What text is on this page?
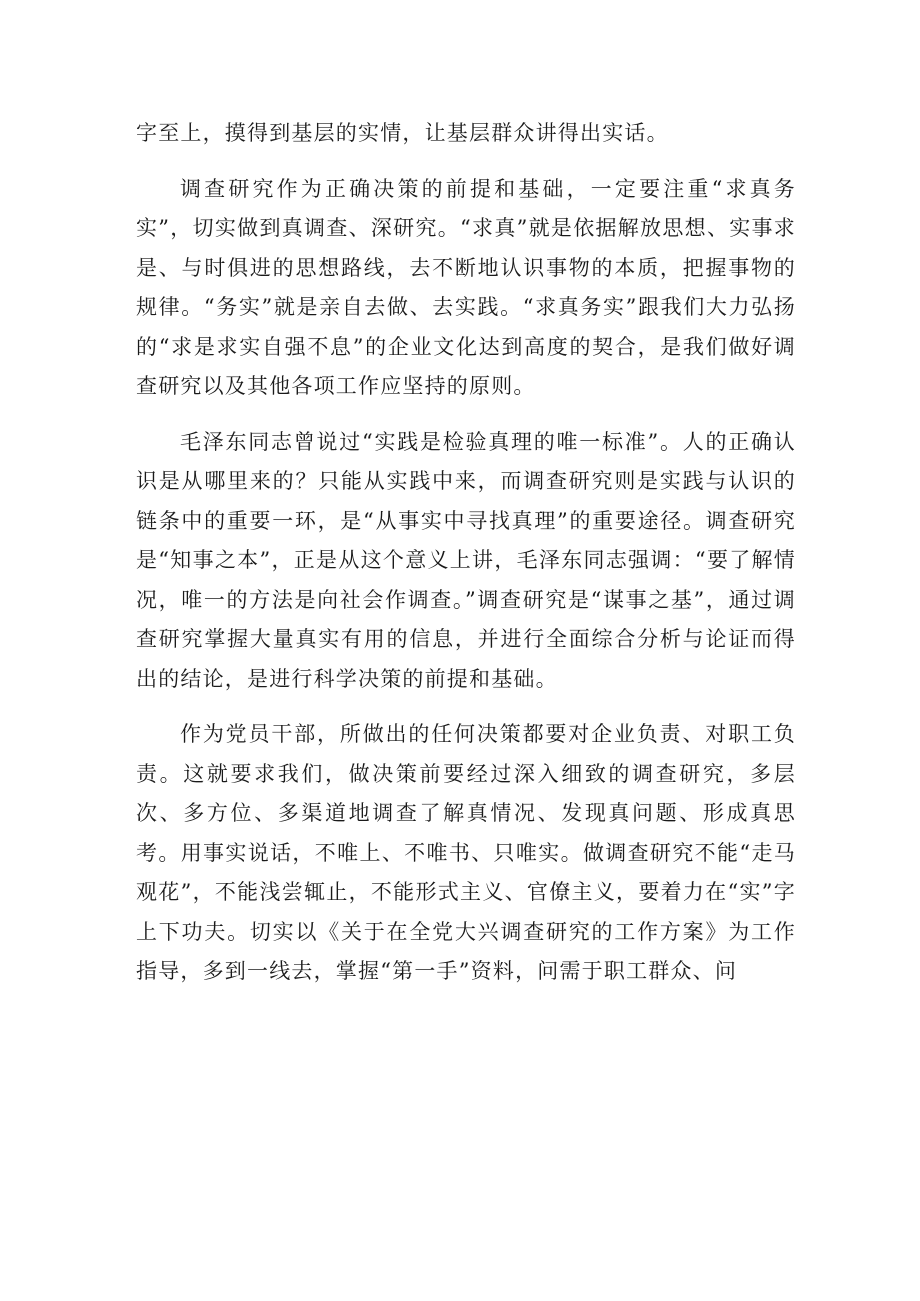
字至上，摸得到基层的实情，让基层群众讲得出实话。

调查研究作为正确决策的前提和基础，一定要注重“求真务实”，切实做到真调查、深研究。“求真”就是依据解放思想、实事求是、与时俱进的思想路线，去不断地认识事物的本质，把握事物的规律。“务实”就是亲自去做、去实践。“求真务实”跟我们大力弘扬的“求是求实自强不息”的企业文化达到高度的契合，是我们做好调查研究以及其他各项工作应坚持的原则。

毛泽东同志曾说过“实践是检验真理的唯一标准”。人的正确认识是从哪里来的？只能从实践中来，而调查研究则是实践与认识的链条中的重要一环，是“从事实中寻找真理”的重要途径。调查研究是“知事之本”，正是从这个意义上讲，毛泽东同志强调：“要了解情况，唯一的方法是向社会作调查。”调查研究是“谋事之基”，通过调查研究掌握大量真实有用的信息，并进行全面综合分析与论证而得出的结论，是进行科学决策的前提和基础。

作为党员干部，所做出的任何决策都要对企业负责、对职工负责。这就要求我们，做决策前要经过深入细致的调查研究，多层次、多方位、多渠道地调查了解真情况、发现真问题、形成真思考。用事实说话，不唯上、不唯书、只唯实。做调查研究不能“走马观花”，不能浅尝辄止，不能形式主义、官僚主义，要着力在“实”字上下功夫。切实以《关于在全党大兴调查研究的工作方案》为工作指导，多到一线去，掌握“第一手”资料，问需于职工群众、问
